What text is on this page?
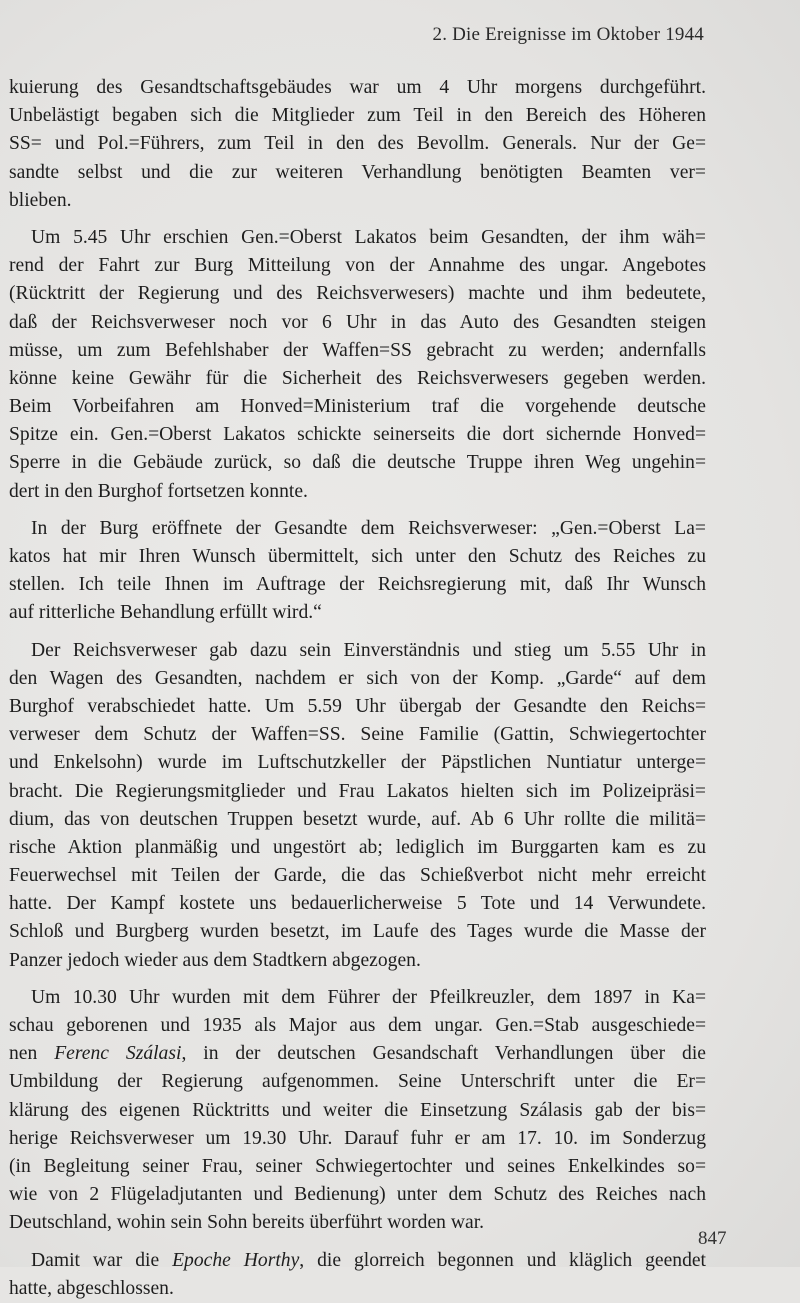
2. Die Ereignisse im Oktober 1944
kuierung des Gesandtschaftsgebäudes war um 4 Uhr morgens durchgeführt.
Unbelästigt begaben sich die Mitglieder zum Teil in den Bereich des Höheren
SS= und Pol.=Führers, zum Teil in den des Bevollm. Generals. Nur der Ge=
sandte selbst und die zur weiteren Verhandlung benötigten Beamten ver=
blieben.
Um 5.45 Uhr erschien Gen.=Oberst Lakatos beim Gesandten, der ihm wäh=
rend der Fahrt zur Burg Mitteilung von der Annahme des ungar. Angebotes
(Rücktritt der Regierung und des Reichsverwesers) machte und ihm bedeutete,
daß der Reichsverweser noch vor 6 Uhr in das Auto des Gesandten steigen
müsse, um zum Befehlshaber der Waffen=SS gebracht zu werden; andernfalls
könne keine Gewähr für die Sicherheit des Reichsverwesers gegeben werden.
Beim Vorbeifahren am Honved=Ministerium traf die vorgehende deutsche
Spitze ein. Gen.=Oberst Lakatos schickte seinerseits die dort sichernde Honved=
Sperre in die Gebäude zurück, so daß die deutsche Truppe ihren Weg ungehin=
dert in den Burghof fortsetzen konnte.
In der Burg eröffnete der Gesandte dem Reichsverweser: „Gen.=Oberst La=
katos hat mir Ihren Wunsch übermittelt, sich unter den Schutz des Reiches zu
stellen. Ich teile Ihnen im Auftrage der Reichsregierung mit, daß Ihr Wunsch
auf ritterliche Behandlung erfüllt wird.“
Der Reichsverweser gab dazu sein Einverständnis und stieg um 5.55 Uhr in
den Wagen des Gesandten, nachdem er sich von der Komp. „Garde“ auf dem
Burghof verabschiedet hatte. Um 5.59 Uhr übergab der Gesandte den Reichs=
verweser dem Schutz der Waffen=SS. Seine Familie (Gattin, Schwiegertochter
und Enkelsohn) wurde im Luftschutzkeller der Päpstlichen Nuntiatur unterge=
bracht. Die Regierungsmitglieder und Frau Lakatos hielten sich im Polizeipräsi=
dium, das von deutschen Truppen besetzt wurde, auf. Ab 6 Uhr rollte die militä=
rische Aktion planmäßig und ungestört ab; lediglich im Burggarten kam es zu
Feuerwechsel mit Teilen der Garde, die das Schießverbot nicht mehr erreicht
hatte. Der Kampf kostete uns bedauerlicherweise 5 Tote und 14 Verwundete.
Schloß und Burgberg wurden besetzt, im Laufe des Tages wurde die Masse der
Panzer jedoch wieder aus dem Stadtkern abgezogen.
Um 10.30 Uhr wurden mit dem Führer der Pfeilkreuzler, dem 1897 in Ka=
schau geborenen und 1935 als Major aus dem ungar. Gen.=Stab ausgeschiede=
nen Ferenc Szálasi, in der deutschen Gesandschaft Verhandlungen über die
Umbildung der Regierung aufgenommen. Seine Unterschrift unter die Er=
klärung des eigenen Rücktritts und weiter die Einsetzung Szálasis gab der bis=
herige Reichsverweser um 19.30 Uhr. Darauf fuhr er am 17. 10. im Sonderzug
(in Begleitung seiner Frau, seiner Schwiegertochter und seines Enkelkindes so=
wie von 2 Flügeladjutanten und Bedienung) unter dem Schutz des Reiches nach
Deutschland, wohin sein Sohn bereits überführt worden war.
Damit war die Epoche Horthy, die glorreich begonnen und kläglich geendet
hatte, abgeschlossen.
847
